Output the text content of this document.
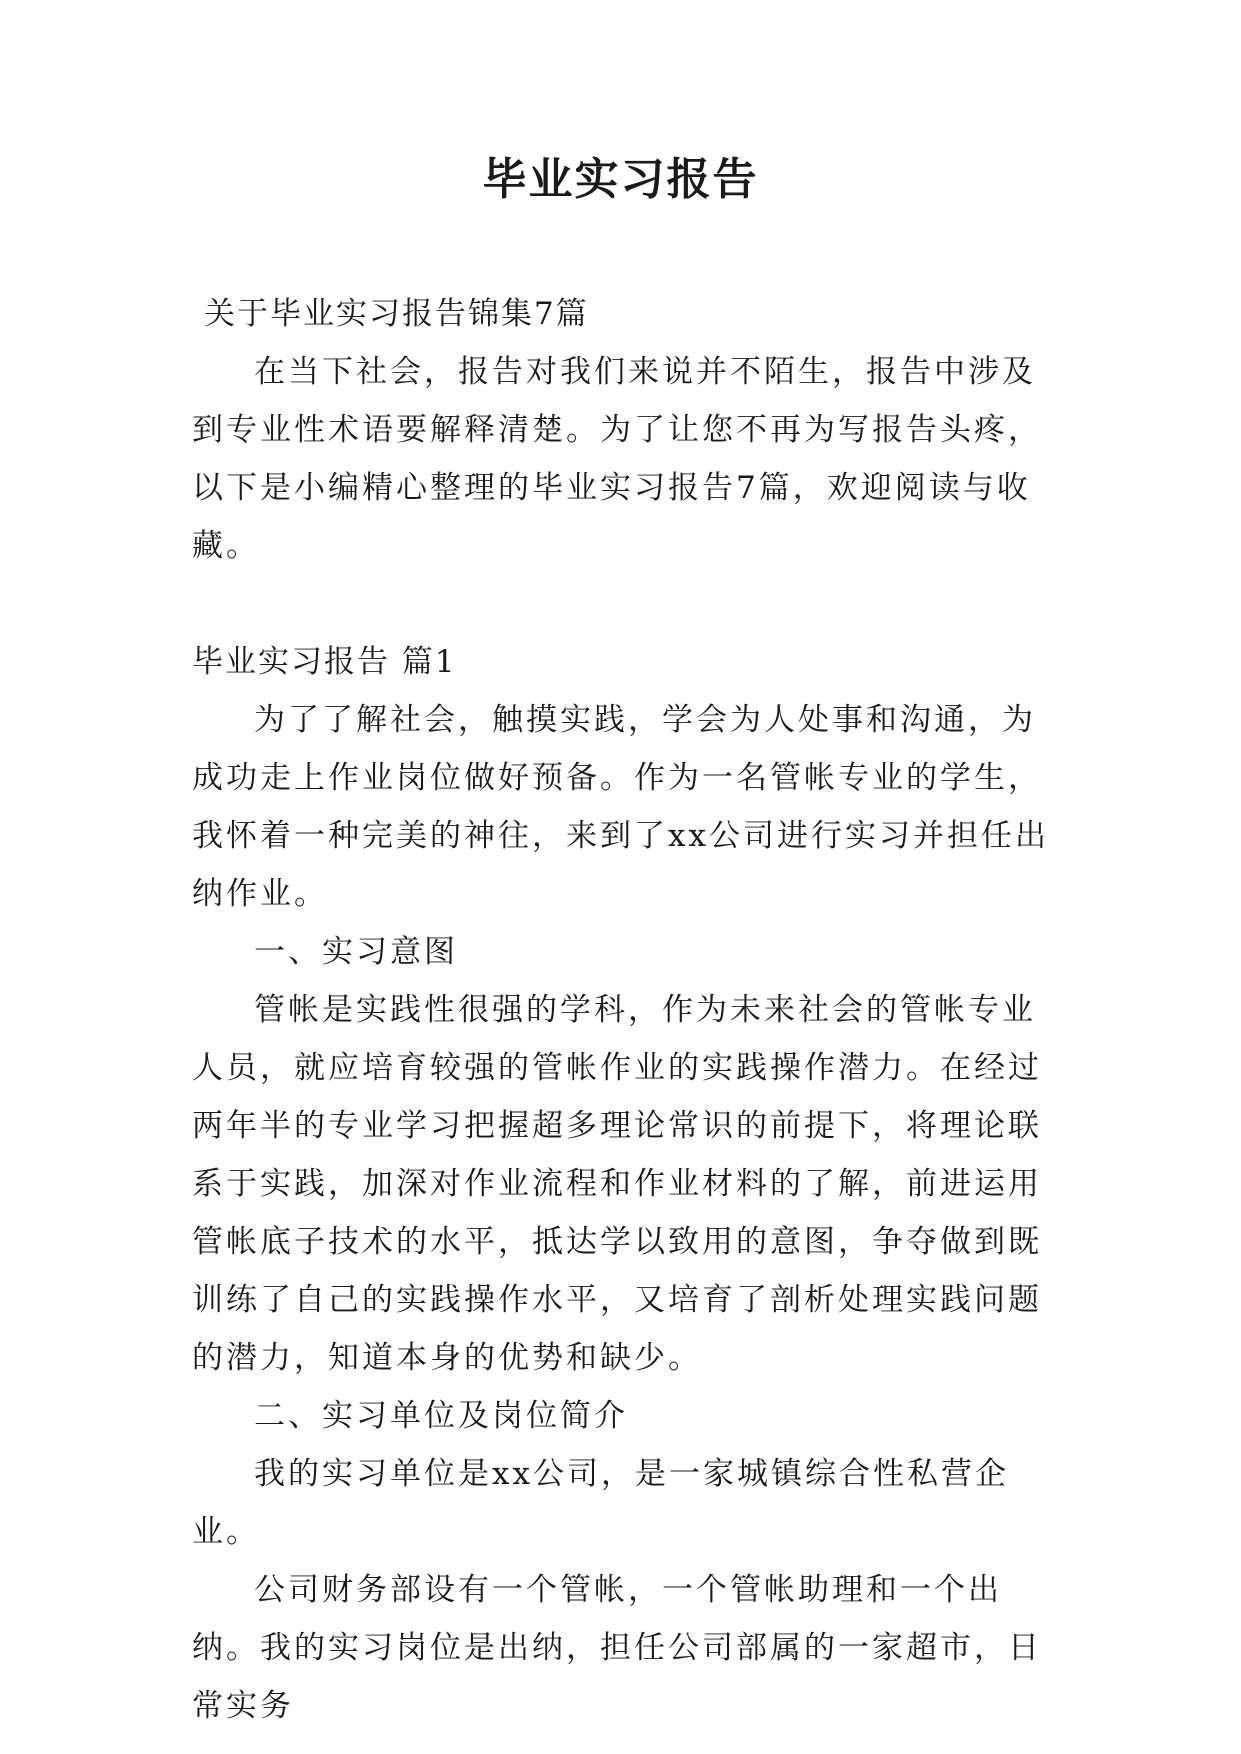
毕业实习报告

关于毕业实习报告锦集7篇

在当下社会，报告对我们来说并不陌生，报告中涉及到专业性术语要解释清楚。为了让您不再为写报告头疼，以下是小编精心整理的毕业实习报告7篇，欢迎阅读与收藏。

毕业实习报告 篇1

为了了解社会，触摸实践，学会为人处事和沟通，为成功走上作业岗位做好预备。作为一名管帐专业的学生，我怀着一种完美的神往，来到了xx公司进行实习并担任出纳作业。

一、实习意图

管帐是实践性很强的学科，作为未来社会的管帐专业人员，就应培育较强的管帐作业的实践操作潜力。在经过两年半的专业学习把握超多理论常识的前提下，将理论联系于实践，加深对作业流程和作业材料的了解，前进运用管帐底子技术的水平，抵达学以致用的意图，争夺做到既训练了自己的实践操作水平，又培育了剖析处理实践问题的潜力，知道本身的优势和缺少。

二、实习单位及岗位简介

我的实习单位是xx公司，是一家城镇综合性私营企业。

公司财务部设有一个管帐，一个管帐助理和一个出纳。我的实习岗位是出纳，担任公司部属的一家超市，日常实务
